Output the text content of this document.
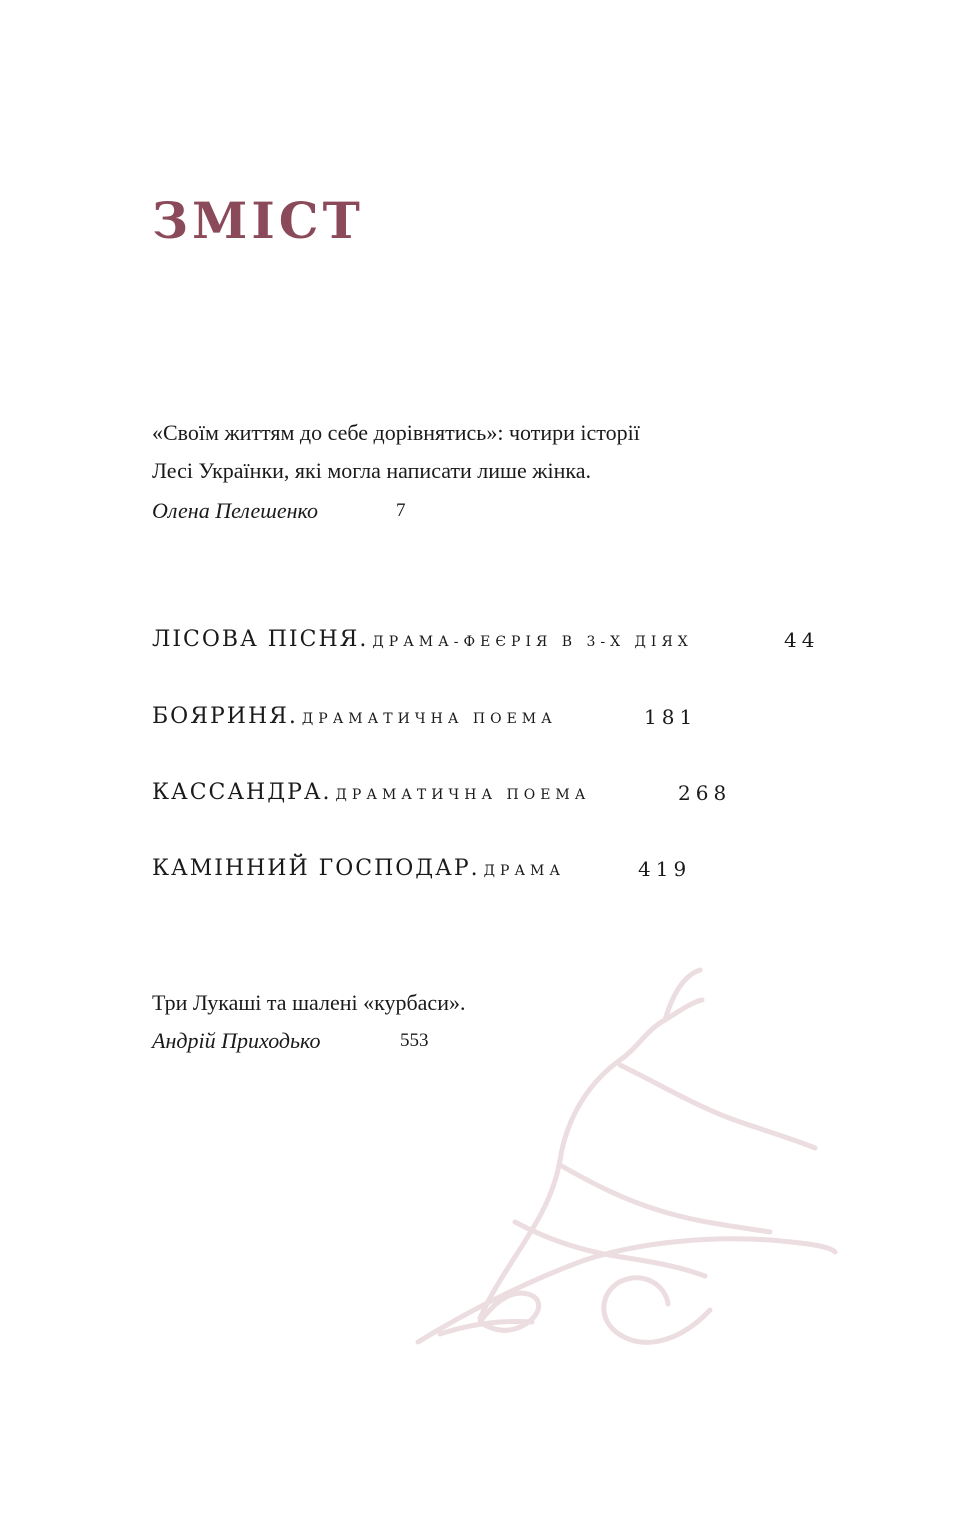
ЗМІСТ
«Своїм життям до себе дорівнятись»: чотири історії
Лесі Українки, які могла написати лише жінка.
Олена Пелешенко	7
ЛІСОВА ПІСНЯ. ДРАМА-ФЕЄРІЯ В 3-Х ДІЯХ	44
БОЯРИНЯ. ДРАМАТИЧНА ПОЕМА	181
КАССАНДРА. ДРАМАТИЧНА ПОЕМА	268
КАМІННИЙ ГОСПОДАР. ДРАМА	419
Три Лукаші та шалені «курбаси».
Андрій Приходько	553
